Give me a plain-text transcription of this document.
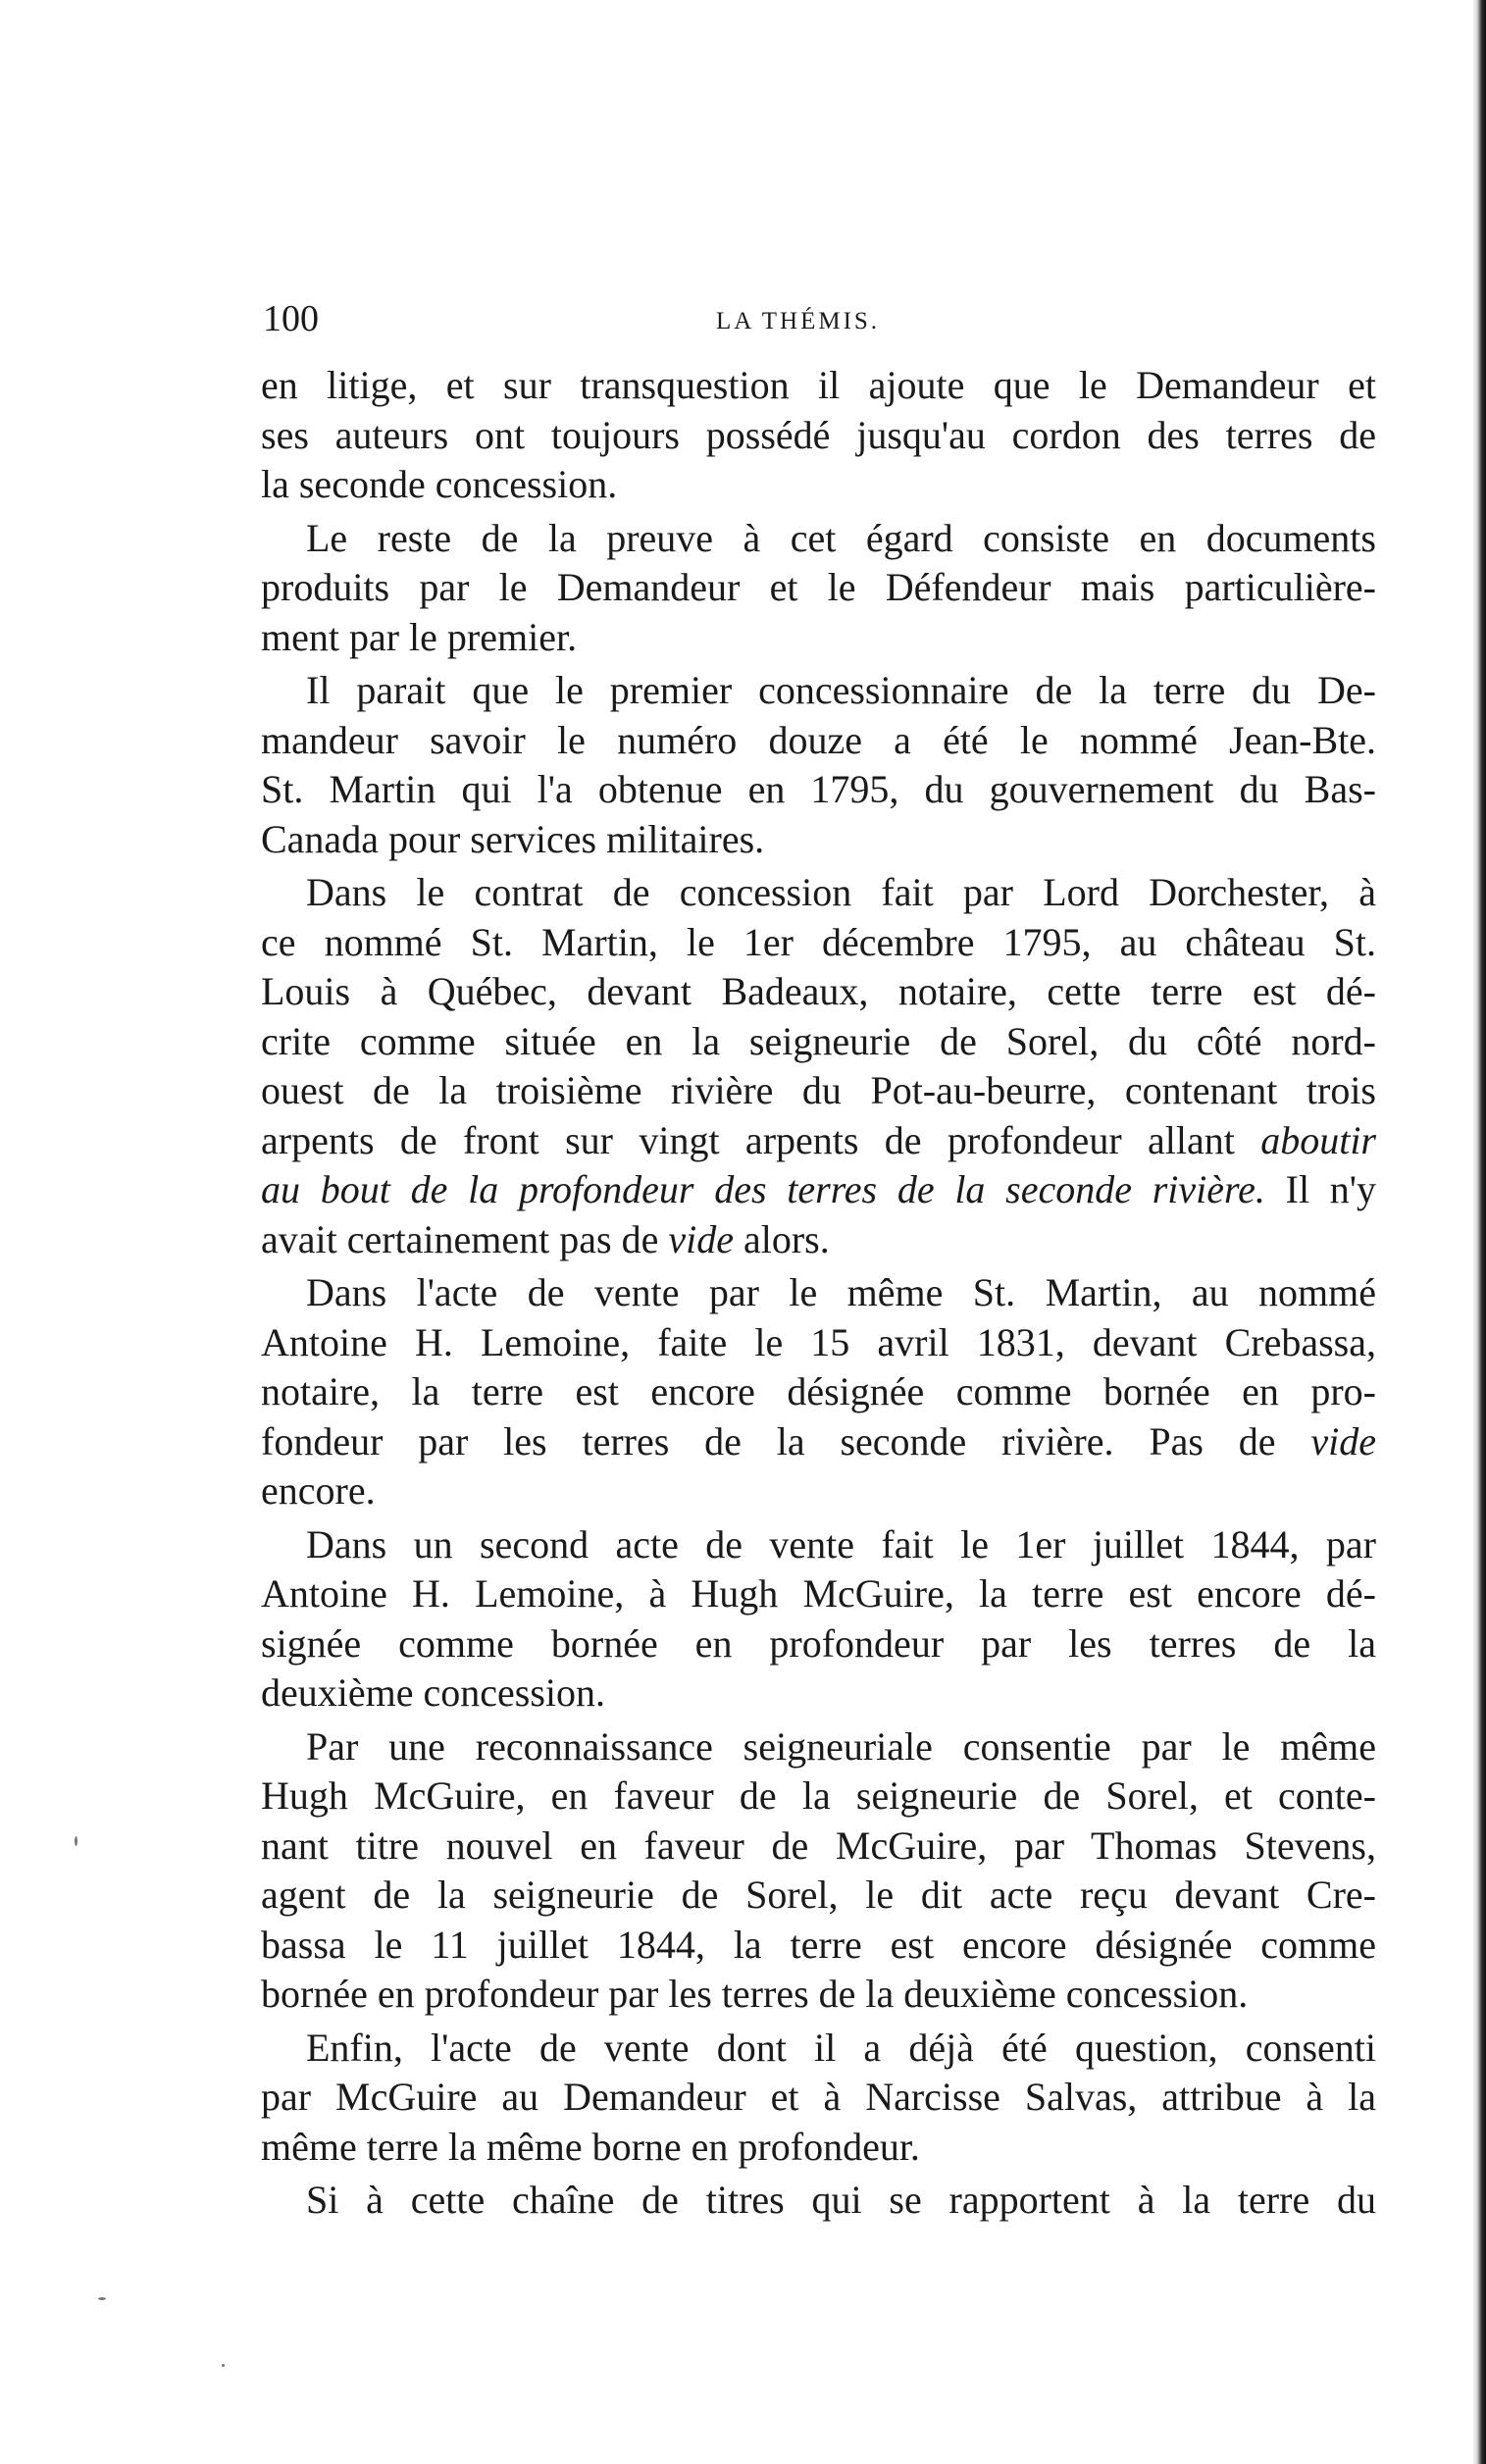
100	LA THÉMIS.
en litige, et sur transquestion il ajoute que le Demandeur et
ses auteurs ont toujours possédé jusqu'au cordon des terres de
la seconde concession.
Le reste de la preuve à cet égard consiste en documents
produits par le Demandeur et le Défendeur mais particulière-
ment par le premier.
Il parait que le premier concessionnaire de la terre du De-
mandeur savoir le numéro douze a été le nommé Jean-Bte.
St. Martin qui l'a obtenue en 1795, du gouvernement du Bas-
Canada pour services militaires.
Dans le contrat de concession fait par Lord Dorchester, à
ce nommé St. Martin, le 1er décembre 1795, au château St.
Louis à Québec, devant Badeaux, notaire, cette terre est dé-
crite comme située en la seigneurie de Sorel, du côté nord-
ouest de la troisième rivière du Pot-au-beurre, contenant trois
arpents de front sur vingt arpents de profondeur allant aboutir
au bout de la profondeur des terres de la seconde rivière. Il n'y
avait certainement pas de vide alors.
Dans l'acte de vente par le même St. Martin, au nommé
Antoine H. Lemoine, faite le 15 avril 1831, devant Crebassa,
notaire, la terre est encore désignée comme bornée en pro-
fondeur par les terres de la seconde rivière. Pas de vide
encore.
Dans un second acte de vente fait le 1er juillet 1844, par
Antoine H. Lemoine, à Hugh McGuire, la terre est encore dé-
signée comme bornée en profondeur par les terres de la
deuxième concession.
Par une reconnaissance seigneuriale consentie par le même
Hugh McGuire, en faveur de la seigneurie de Sorel, et conte-
nant titre nouvel en faveur de McGuire, par Thomas Stevens,
agent de la seigneurie de Sorel, le dit acte reçu devant Cre-
bassa le 11 juillet 1844, la terre est encore désignée comme
bornée en profondeur par les terres de la deuxième concession.
Enfin, l'acte de vente dont il a déjà été question, consenti
par McGuire au Demandeur et à Narcisse Salvas, attribue à la
même terre la même borne en profondeur.
Si à cette chaîne de titres qui se rapportent à la terre du
